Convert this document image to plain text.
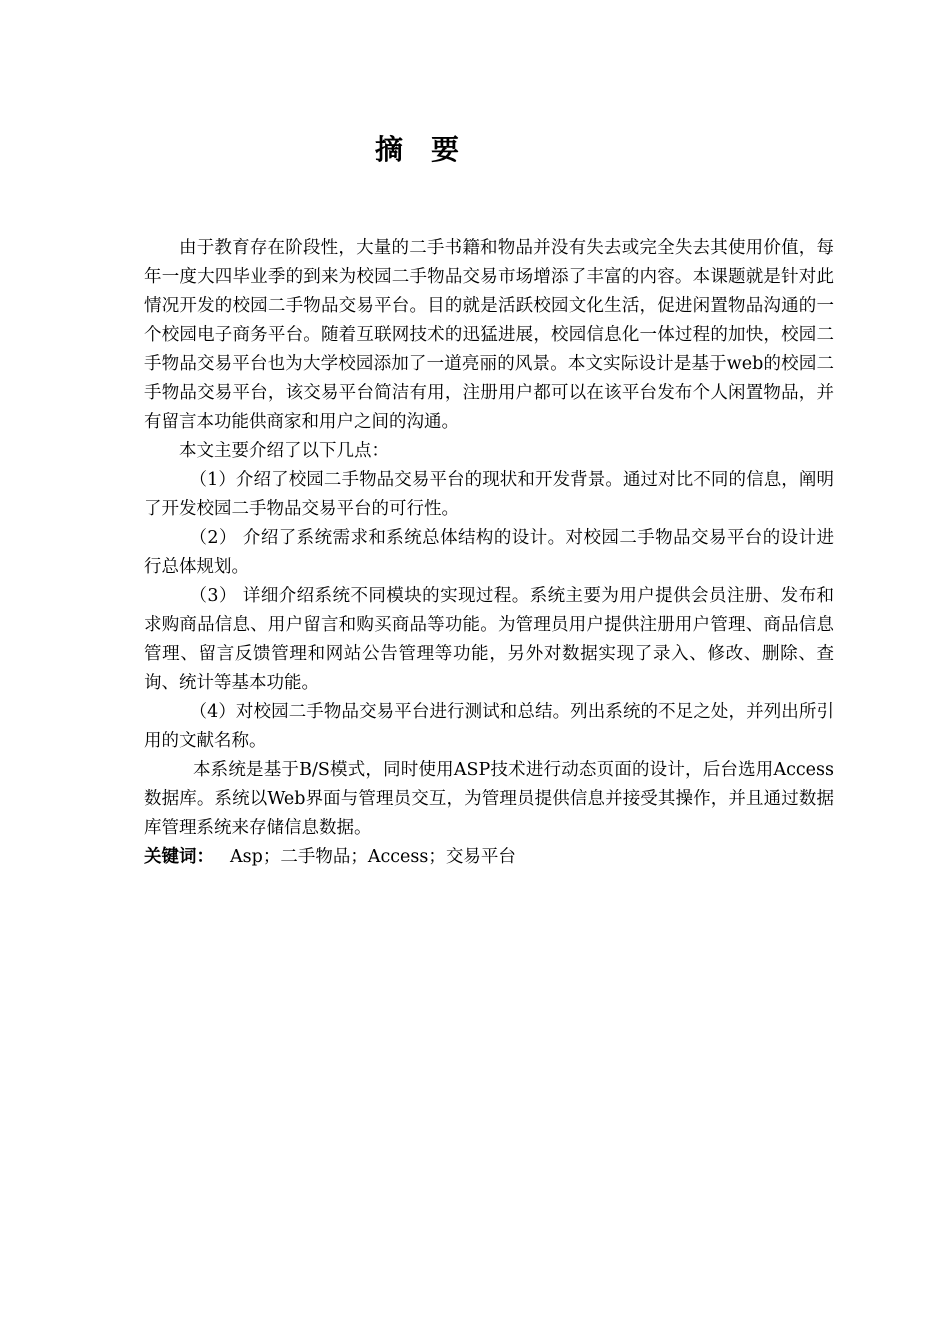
摘要

由于教育存在阶段性，大量的二手书籍和物品并没有失去或完全失去其使用价值，每年一度大四毕业季的到来为校园二手物品交易市场增添了丰富的内容。本课题就是针对此情况开发的校园二手物品交易平台。目的就是活跃校园文化生活，促进闲置物品沟通的一个校园电子商务平台。随着互联网技术的迅猛进展，校园信息化一体过程的加快，校园二手物品交易平台也为大学校园添加了一道亮丽的风景。本文实际设计是基于web的校园二手物品交易平台，该交易平台简洁有用，注册用户都可以在该平台发布个人闲置物品，并有留言本功能供商家和用户之间的沟通。

本文主要介绍了以下几点：

（1）介绍了校园二手物品交易平台的现状和开发背景。通过对比不同的信息，阐明了开发校园二手物品交易平台的可行性。

（2） 介绍了系统需求和系统总体结构的设计。对校园二手物品交易平台的设计进行总体规划。

（3） 详细介绍系统不同模块的实现过程。系统主要为用户提供会员注册、发布和求购商品信息、用户留言和购买商品等功能。为管理员用户提供注册用户管理、商品信息管理、留言反馈管理和网站公告管理等功能，另外对数据实现了录入、修改、删除、查询、统计等基本功能。

（4）对校园二手物品交易平台进行测试和总结。列出系统的不足之处，并列出所引用的文献名称。

本系统是基于B/S模式，同时使用ASP技术进行动态页面的设计，后台选用Access数据库。系统以Web界面与管理员交互，为管理员提供信息并接受其操作，并且通过数据库管理系统来存储信息数据。

关键词： Asp；二手物品；Access；交易平台
